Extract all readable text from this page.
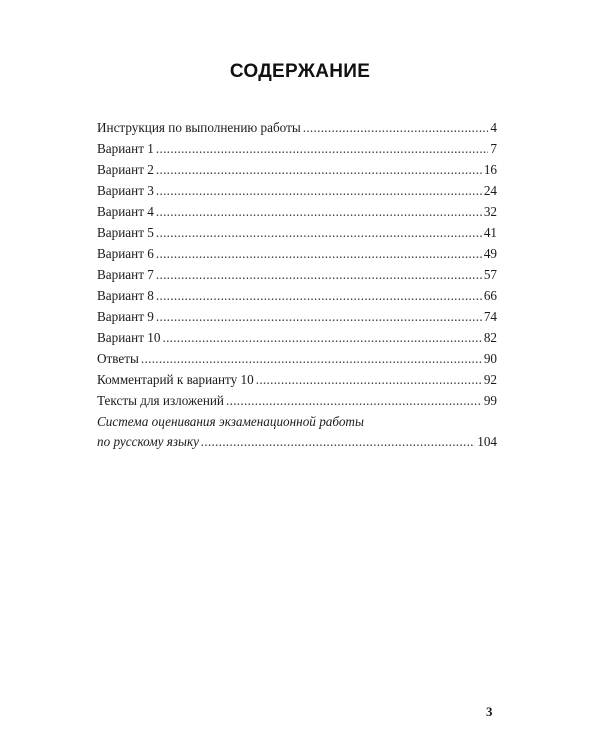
СОДЕРЖАНИЕ
Инструкция по выполнению работы . . .	4
Вариант 1 . . .	7
Вариант 2 . . .	16
Вариант 3 . . .	24
Вариант 4 . . .	32
Вариант 5 . . .	41
Вариант 6 . . .	49
Вариант 7 . . .	57
Вариант 8 . . .	66
Вариант 9 . . .	74
Вариант 10 . . .	82
Ответы . . .	90
Комментарий к варианту 10 . . .	92
Тексты для изложений . . .	99
Система оценивания экзаменационной работы
по русскому языку . . .	104
3
